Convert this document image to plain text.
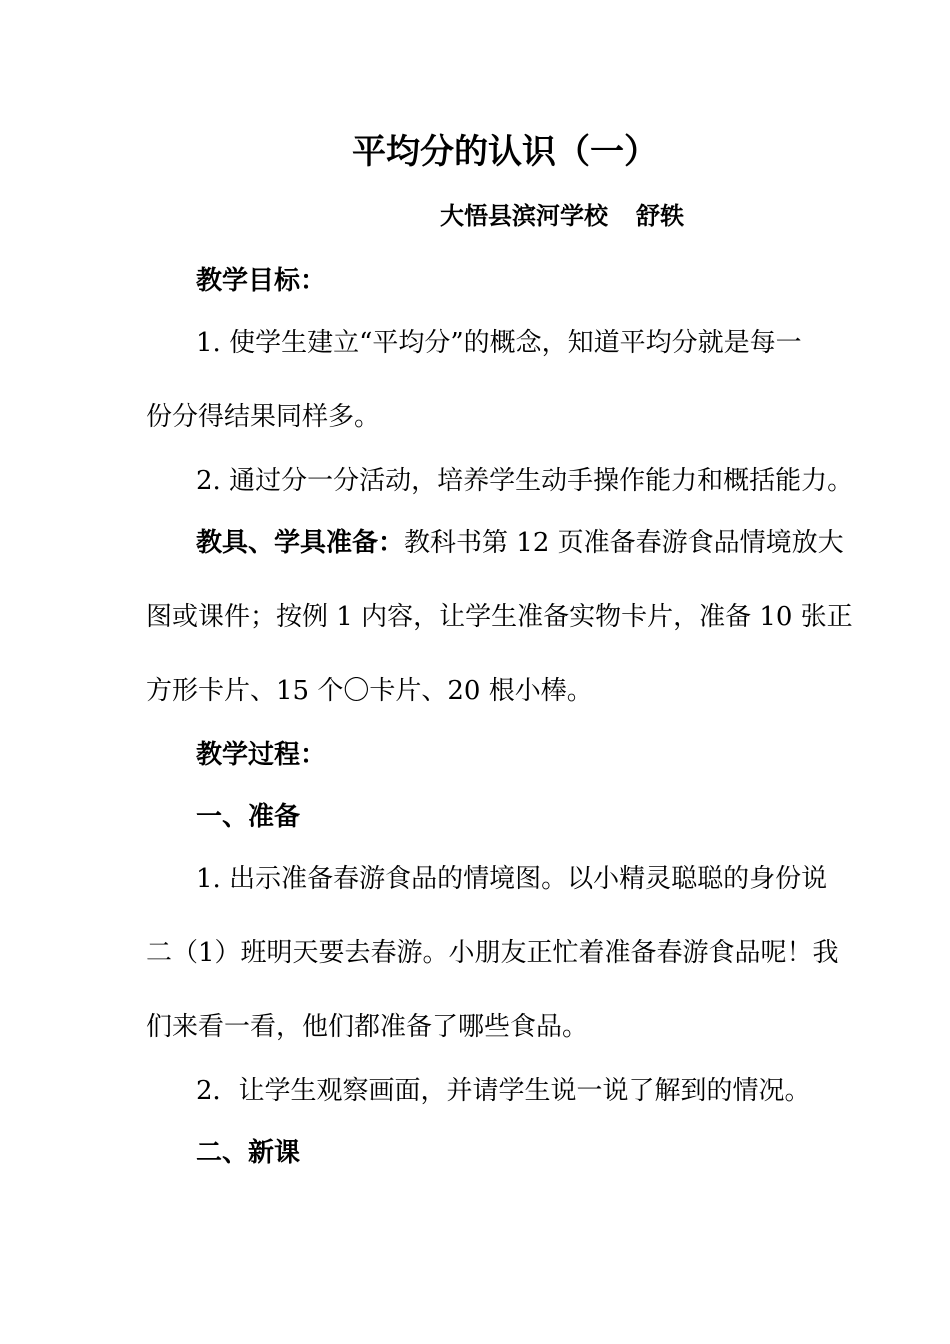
平均分的认识（一）
大悟县滨河学校 舒轶
教学目标：
1. 使学生建立“平均分”的概念，知道平均分就是每一
份分得结果同样多。
2. 通过分一分活动，培养学生动手操作能力和概括能力。
教具、学具准备：教科书第 12 页准备春游食品情境放大
图或课件；按例 1 内容，让学生准备实物卡片，准备 10 张正
方形卡片、15 个〇卡片、20 根小棒。
教学过程：
一、准备
1. 出示准备春游食品的情境图。以小精灵聪聪的身份说
二（1）班明天要去春游。小朋友正忙着准备春游食品呢！我
们来看一看，他们都准备了哪些食品。
2．让学生观察画面，并请学生说一说了解到的情况。
二、新课
